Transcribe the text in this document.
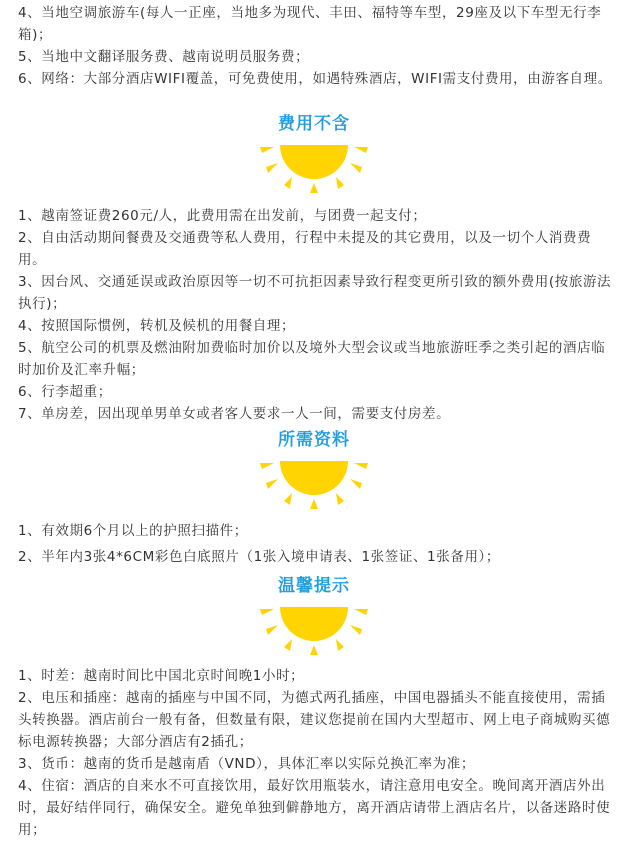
4、当地空调旅游车(每人一正座，当地多为现代、丰田、福特等车型，29座及以下车型无行李箱)；

5、当地中文翻译服务费、越南说明员服务费；

6、网络：大部分酒店WIFI覆盖，可免费使用，如遇特殊酒店，WIFI需支付费用，由游客自理。

费用不含

1、越南签证费260元/人，此费用需在出发前，与团费一起支付；

2、自由活动期间餐费及交通费等私人费用，行程中未提及的其它费用，以及一切个人消费费用。

3、因台风、交通延误或政治原因等一切不可抗拒因素导致行程变更所引致的额外费用(按旅游法执行)；

4、按照国际惯例，转机及候机的用餐自理；

5、航空公司的机票及燃油附加费临时加价以及境外大型会议或当地旅游旺季之类引起的酒店临时加价及汇率升幅；

6、行李超重；

7、单房差，因出现单男单女或者客人要求一人一间，需要支付房差。

所需资料

1、有效期6个月以上的护照扫描件；

2、半年内3张4*6CM彩色白底照片（1张入境申请表、1张签证、1张备用）；

温馨提示

1、时差：越南时间比中国北京时间晚1小时；

2、电压和插座：越南的插座与中国不同，为德式两孔插座，中国电器插头不能直接使用，需插头转换器。酒店前台一般有备，但数量有限，建议您提前在国内大型超市、网上电子商城购买德标电源转换器；大部分酒店有2插孔；

3、货币：越南的货币是越南盾（VND），具体汇率以实际兑换汇率为准；

4、住宿：酒店的自来水不可直接饮用，最好饮用瓶装水，请注意用电安全。晚间离开酒店外出时，最好结伴同行，确保安全。避免单独到僻静地方，离开酒店请带上酒店名片，以备迷路时使用；
